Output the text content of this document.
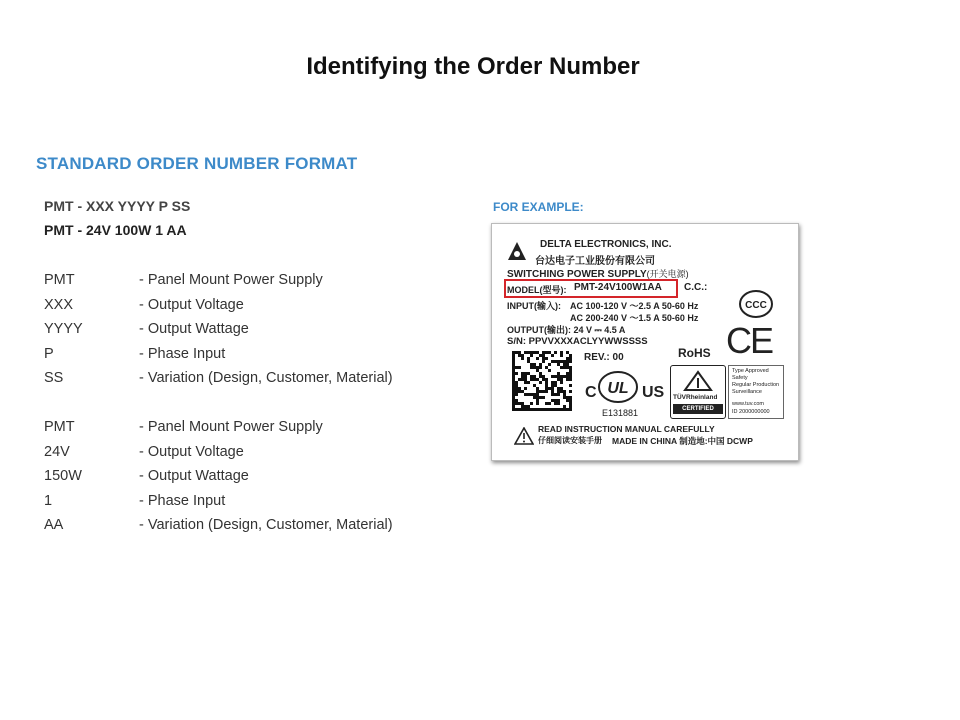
Identifying the Order Number
STANDARD ORDER NUMBER FORMAT
PMT - XXX YYYY P SS
PMT - 24V 100W 1 AA
PMT	- Panel Mount Power Supply
XXX	- Output Voltage
YYYY	- Output Wattage
P	- Phase Input
SS	- Variation (Design, Customer, Material)
PMT	- Panel Mount Power Supply
24V	- Output Voltage
150W	- Output Wattage
1	- Phase Input
AA	- Variation (Design, Customer, Material)
FOR EXAMPLE:
DELTA ELECTRONICS, INC.
台达电子工业股份有限公司
SWITCHING POWER SUPPLY(开关电源)
MODEL(型号): PMT-24V100W1AA C.C.:
INPUT(输入): AC 100-120 V ～2.5 A 50-60 Hz
AC 200-240 V ～1.5 A 50-60 Hz
OUTPUT(输出): 24 V ⎓ 4.5 A
S/N: PPVVXXXACLYYWWSSSS
CCC
CE
REV.: 00	RoHS
C UL US
E131881
TÜVRheinland
CERTIFIED
Type Approved
Safety
Regular Production
Surveillance
www.tuv.com
ID 2000000000
READ INSTRUCTION MANUAL CAREFULLY
仔细阅读安装手册 MADE IN CHINA 制造地:中国 DCWP
